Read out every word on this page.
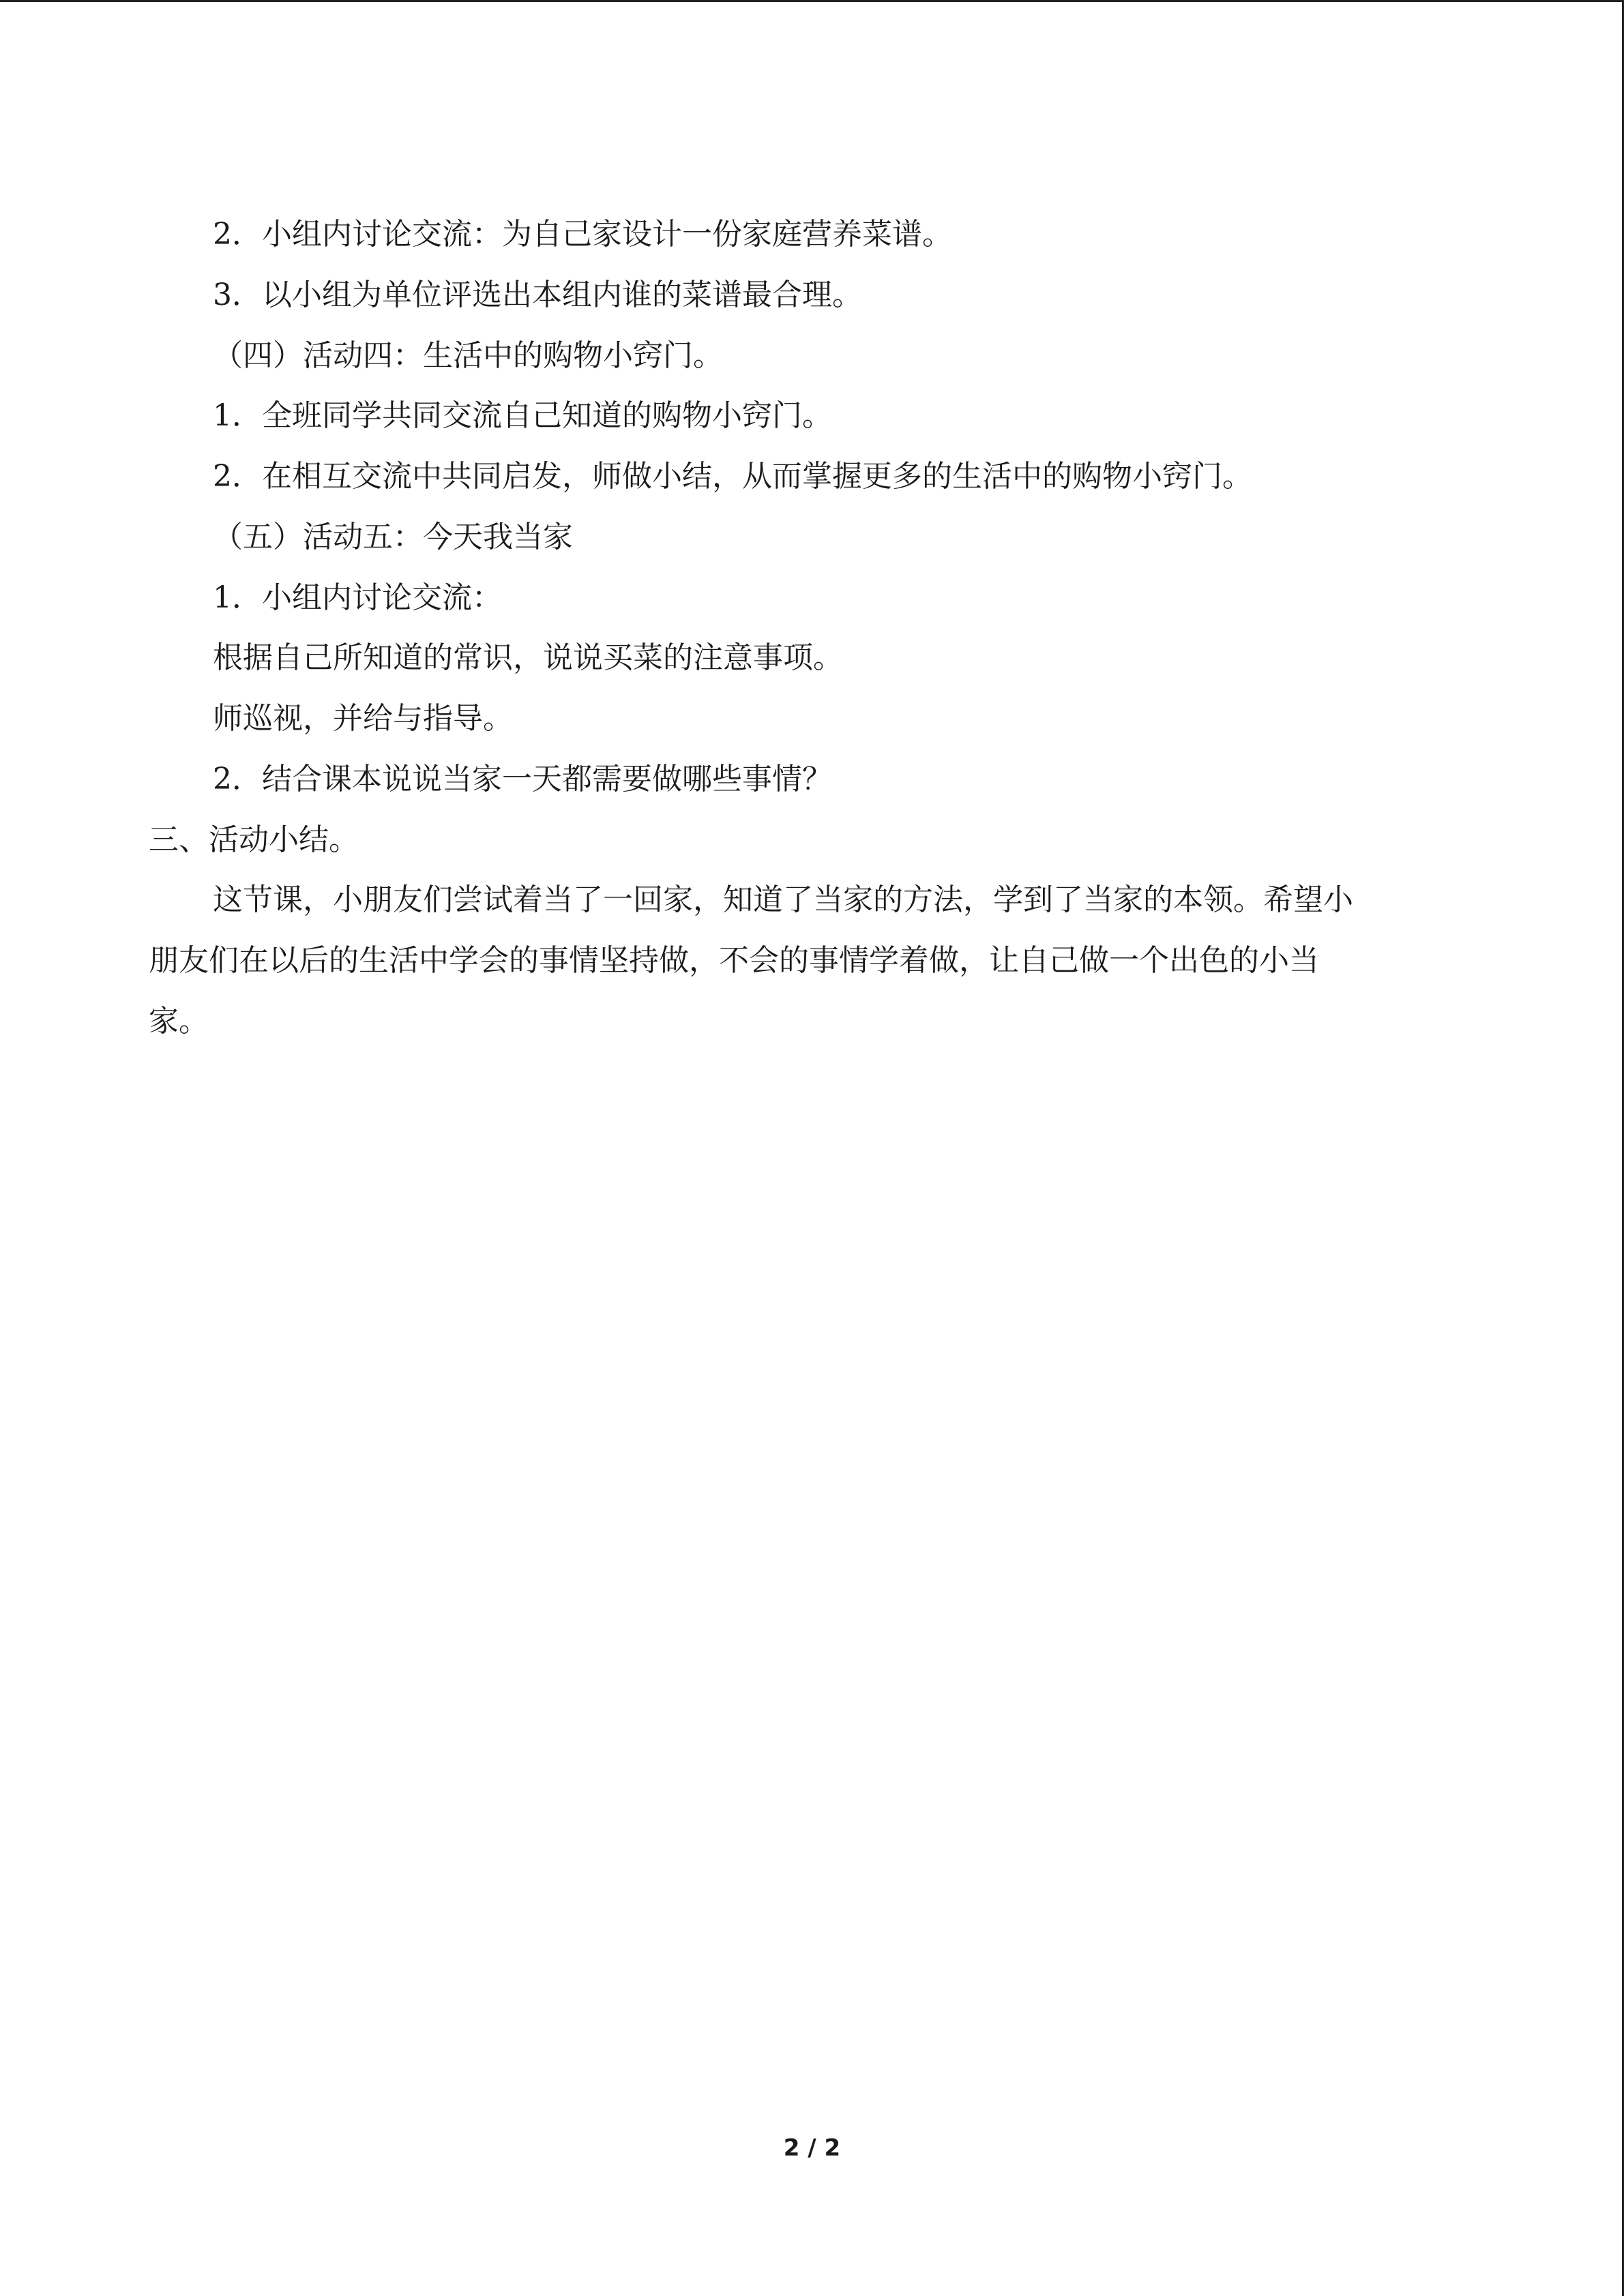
2．小组内讨论交流：为自己家设计一份家庭营养菜谱。
3．以小组为单位评选出本组内谁的菜谱最合理。
（四）活动四：生活中的购物小窍门。
1．全班同学共同交流自己知道的购物小窍门。
2．在相互交流中共同启发，师做小结，从而掌握更多的生活中的购物小窍门。
（五）活动五：今天我当家
1．小组内讨论交流：
根据自己所知道的常识，说说买菜的注意事项。
师巡视，并给与指导。
2．结合课本说说当家一天都需要做哪些事情？
三、活动小结。
这节课，小朋友们尝试着当了一回家，知道了当家的方法，学到了当家的本领。希望小
朋友们在以后的生活中学会的事情坚持做，不会的事情学着做，让自己做一个出色的小当
家。
2 / 2
